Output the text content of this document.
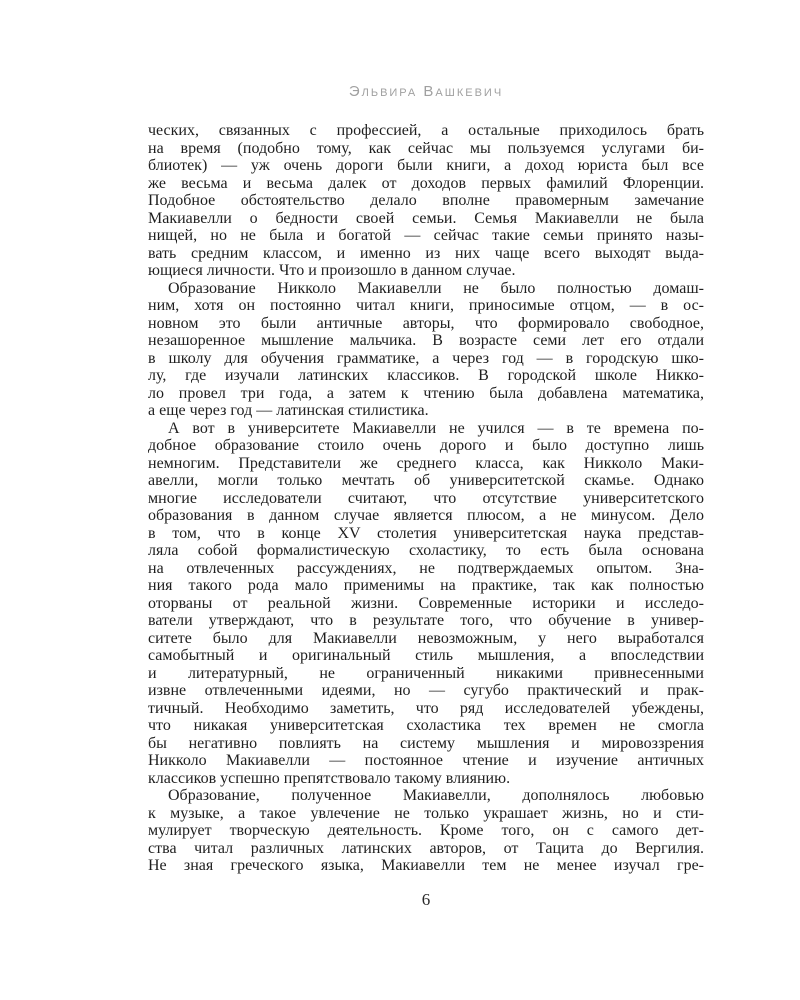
Эльвира Вашкевич
ческих, связанных с профессией, а остальные приходилось брать
на время (подобно тому, как сейчас мы пользуемся услугами би-
блиотек) — уж очень дороги были книги, а доход юриста был все
же весьма и весьма далек от доходов первых фамилий Флоренции.
Подобное обстоятельство делало вполне правомерным замечание
Макиавелли о бедности своей семьи. Семья Макиавелли не была
нищей, но не была и богатой — сейчас такие семьи принято назы-
вать средним классом, и именно из них чаще всего выходят выда-
ющиеся личности. Что и произошло в данном случае.
Образование Никколо Макиавелли не было полностью домаш-
ним, хотя он постоянно читал книги, приносимые отцом, — в ос-
новном это были античные авторы, что формировало свободное,
незашоренное мышление мальчика. В возрасте семи лет его отдали
в школу для обучения грамматике, а через год — в городскую шко-
лу, где изучали латинских классиков. В городской школе Никко-
ло провел три года, а затем к чтению была добавлена математика,
а еще через год — латинская стилистика.
А вот в университете Макиавелли не учился — в те времена по-
добное образование стоило очень дорого и было доступно лишь
немногим. Представители же среднего класса, как Никколо Маки-
авелли, могли только мечтать об университетской скамье. Однако
многие исследователи считают, что отсутствие университетского
образования в данном случае является плюсом, а не минусом. Дело
в том, что в конце XV столетия университетская наука представ-
ляла собой формалистическую схоластику, то есть была основана
на отвлеченных рассуждениях, не подтверждаемых опытом. Зна-
ния такого рода мало применимы на практике, так как полностью
оторваны от реальной жизни. Современные историки и исследо-
ватели утверждают, что в результате того, что обучение в универ-
ситете было для Макиавелли невозможным, у него выработался
самобытный и оригинальный стиль мышления, а впоследствии
и литературный, не ограниченный никакими привнесенными
извне отвлеченными идеями, но — сугубо практический и прак-
тичный. Необходимо заметить, что ряд исследователей убеждены,
что никакая университетская схоластика тех времен не смогла
бы негативно повлиять на систему мышления и мировоззрения
Никколо Макиавелли — постоянное чтение и изучение античных
классиков успешно препятствовало такому влиянию.
Образование, полученное Макиавелли, дополнялось любовью
к музыке, а такое увлечение не только украшает жизнь, но и сти-
мулирует творческую деятельность. Кроме того, он с самого дет-
ства читал различных латинских авторов, от Тацита до Вергилия.
Не зная греческого языка, Макиавелли тем не менее изучал гре-
6
